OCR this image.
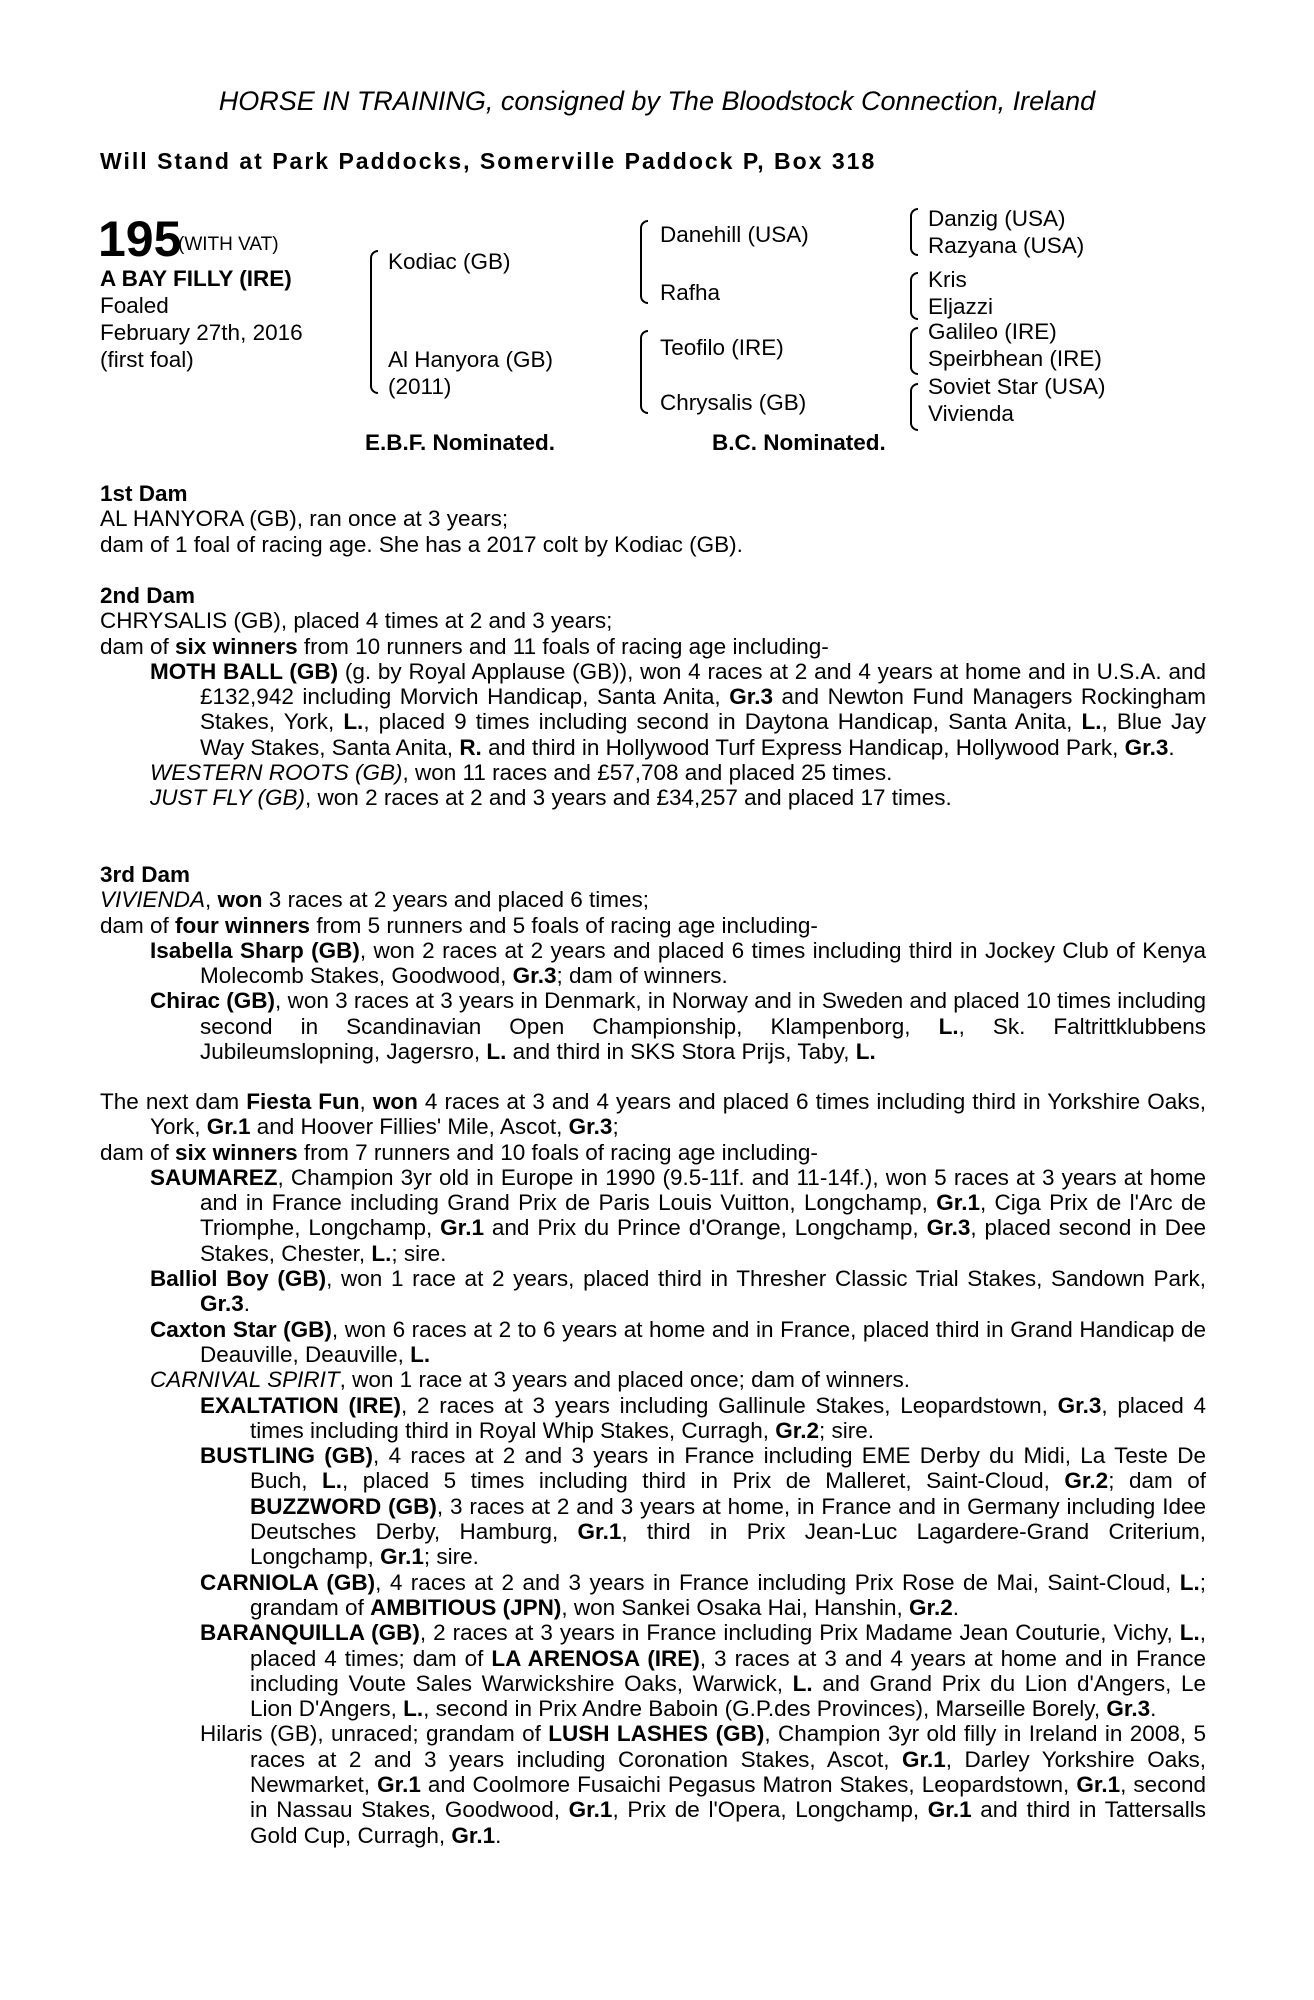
HORSE IN TRAINING, consigned by The Bloodstock Connection, Ireland
Will Stand at Park Paddocks, Somerville Paddock P, Box 318
195
(WITH VAT)
A BAY FILLY (IRE)
Foaled
February 27th, 2016
(first foal)
Kodiac (GB)
Al Hanyora (GB)
(2011)
Danehill (USA)
Rafha
Teofilo (IRE)
Chrysalis (GB)
Danzig (USA)
Razyana (USA)
Kris
Eljazzi
Galileo (IRE)
Speirbhean (IRE)
Soviet Star (USA)
Vivienda
E.B.F. Nominated.	B.C. Nominated.

1st Dam

AL HANYORA (GB), ran once at 3 years;

dam of 1 foal of racing age. She has a 2017 colt by Kodiac (GB).

2nd Dam

CHRYSALIS (GB), placed 4 times at 2 and 3 years;

dam of six winners from 10 runners and 11 foals of racing age including-

MOTH BALL (GB) (g. by Royal Applause (GB)), won 4 races at 2 and 4 years at home and in U.S.A. and £132,942 including Morvich Handicap, Santa Anita, Gr.3 and Newton Fund Managers Rockingham Stakes, York, L., placed 9 times including second in Daytona Handicap, Santa Anita, L., Blue Jay Way Stakes, Santa Anita, R. and third in Hollywood Turf Express Handicap, Hollywood Park, Gr.3.

WESTERN ROOTS (GB), won 11 races and £57,708 and placed 25 times.

JUST FLY (GB), won 2 races at 2 and 3 years and £34,257 and placed 17 times.

3rd Dam

VIVIENDA, won 3 races at 2 years and placed 6 times;

dam of four winners from 5 runners and 5 foals of racing age including-

Isabella Sharp (GB), won 2 races at 2 years and placed 6 times including third in Jockey Club of Kenya Molecomb Stakes, Goodwood, Gr.3; dam of winners.

Chirac (GB), won 3 races at 3 years in Denmark, in Norway and in Sweden and placed 10 times including second in Scandinavian Open Championship, Klampenborg, L., Sk. Faltrittklubbens Jubileumslopning, Jagersro, L. and third in SKS Stora Prijs, Taby, L.

The next dam Fiesta Fun, won 4 races at 3 and 4 years and placed 6 times including third in Yorkshire Oaks, York, Gr.1 and Hoover Fillies' Mile, Ascot, Gr.3;

dam of six winners from 7 runners and 10 foals of racing age including-

SAUMAREZ, Champion 3yr old in Europe in 1990 (9.5-11f. and 11-14f.), won 5 races at 3 years at home and in France including Grand Prix de Paris Louis Vuitton, Longchamp, Gr.1, Ciga Prix de l'Arc de Triomphe, Longchamp, Gr.1 and Prix du Prince d'Orange, Longchamp, Gr.3, placed second in Dee Stakes, Chester, L.; sire.

Balliol Boy (GB), won 1 race at 2 years, placed third in Thresher Classic Trial Stakes, Sandown Park, Gr.3.

Caxton Star (GB), won 6 races at 2 to 6 years at home and in France, placed third in Grand Handicap de Deauville, Deauville, L.

CARNIVAL SPIRIT, won 1 race at 3 years and placed once; dam of winners.

EXALTATION (IRE), 2 races at 3 years including Gallinule Stakes, Leopardstown, Gr.3, placed 4 times including third in Royal Whip Stakes, Curragh, Gr.2; sire.

BUSTLING (GB), 4 races at 2 and 3 years in France including EME Derby du Midi, La Teste De Buch, L., placed 5 times including third in Prix de Malleret, Saint-Cloud, Gr.2; dam of BUZZWORD (GB), 3 races at 2 and 3 years at home, in France and in Germany including Idee Deutsches Derby, Hamburg, Gr.1, third in Prix Jean-Luc Lagardere-Grand Criterium, Longchamp, Gr.1; sire.

CARNIOLA (GB), 4 races at 2 and 3 years in France including Prix Rose de Mai, Saint-Cloud, L.; grandam of AMBITIOUS (JPN), won Sankei Osaka Hai, Hanshin, Gr.2.

BARANQUILLA (GB), 2 races at 3 years in France including Prix Madame Jean Couturie, Vichy, L., placed 4 times; dam of LA ARENOSA (IRE), 3 races at 3 and 4 years at home and in France including Voute Sales Warwickshire Oaks, Warwick, L. and Grand Prix du Lion d'Angers, Le Lion D'Angers, L., second in Prix Andre Baboin (G.P.des Provinces), Marseille Borely, Gr.3.

Hilaris (GB), unraced; grandam of LUSH LASHES (GB), Champion 3yr old filly in Ireland in 2008, 5 races at 2 and 3 years including Coronation Stakes, Ascot, Gr.1, Darley Yorkshire Oaks, Newmarket, Gr.1 and Coolmore Fusaichi Pegasus Matron Stakes, Leopardstown, Gr.1, second in Nassau Stakes, Goodwood, Gr.1, Prix de l'Opera, Longchamp, Gr.1 and third in Tattersalls Gold Cup, Curragh, Gr.1.
